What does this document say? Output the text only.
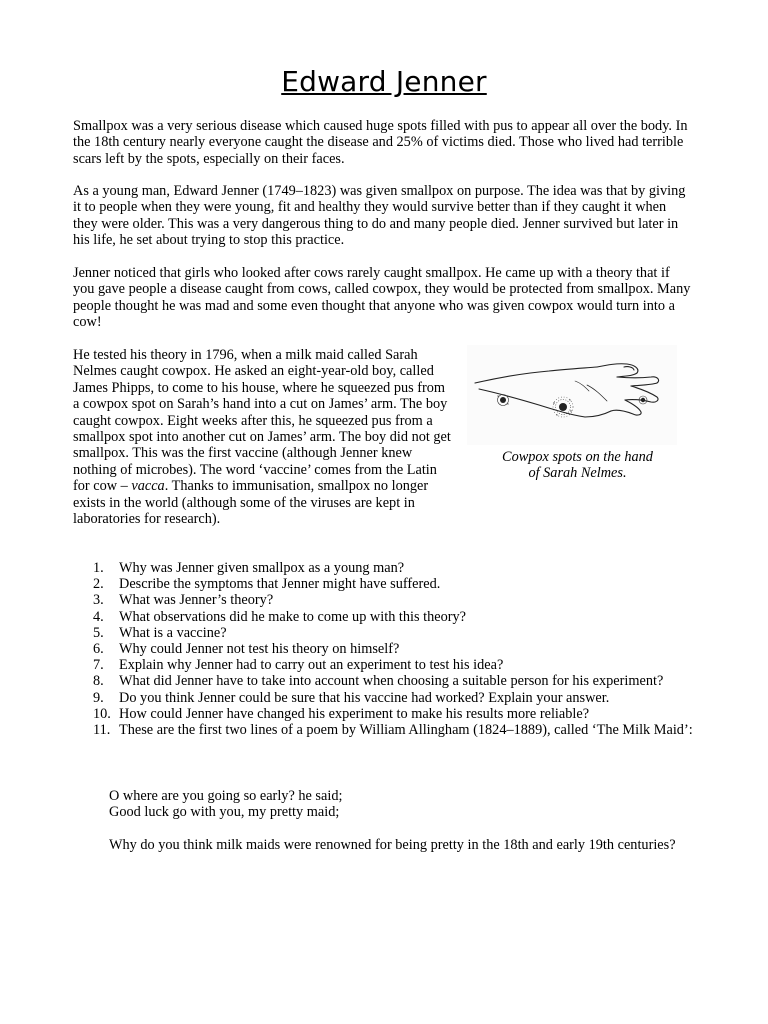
Edward Jenner
Smallpox was a very serious disease which caused huge spots filled with pus to appear all over the body. In the 18th century nearly everyone caught the disease and 25% of victims died. Those who lived had terrible scars left by the spots, especially on their faces.
As a young man, Edward Jenner (1749–1823) was given smallpox on purpose. The idea was that by giving it to people when they were young, fit and healthy they would survive better than if they caught it when they were older. This was a very dangerous thing to do and many people died. Jenner survived but later in his life, he set about trying to stop this practice.
Jenner noticed that girls who looked after cows rarely caught smallpox. He came up with a theory that if you gave people a disease caught from cows, called cowpox, they would be protected from smallpox. Many people thought he was mad and some even thought that anyone who was given cowpox would turn into a cow!
He tested his theory in 1796, when a milk maid called Sarah Nelmes caught cowpox. He asked an eight-year-old boy, called James Phipps, to come to his house, where he squeezed pus from a cowpox spot on Sarah’s hand into a cut on James’ arm. The boy caught cowpox. Eight weeks after this, he squeezed pus from a smallpox spot into another cut on James’ arm. The boy did not get smallpox. This was the first vaccine (although Jenner knew nothing of microbes). The word ‘vaccine’ comes from the Latin for cow – vacca. Thanks to immunisation, smallpox no longer exists in the world (although some of the viruses are kept in laboratories for research).
Cowpox spots on the hand
of Sarah Nelmes.
1.	Why was Jenner given smallpox as a young man?
2.	Describe the symptoms that Jenner might have suffered.
3.	What was Jenner’s theory?
4.	What observations did he make to come up with this theory?
5.	What is a vaccine?
6.	Why could Jenner not test his theory on himself?
7.	Explain why Jenner had to carry out an experiment to test his idea?
8.	What did Jenner have to take into account when choosing a suitable person for his experiment?
9.	Do you think Jenner could be sure that his vaccine had worked? Explain your answer.
10. How could Jenner have changed his experiment to make his results more reliable?
11. These are the first two lines of a poem by William Allingham (1824–1889), called ‘The Milk Maid’:
O where are you going so early? he said;
Good luck go with you, my pretty maid;
Why do you think milk maids were renowned for being pretty in the 18th and early 19th centuries?
